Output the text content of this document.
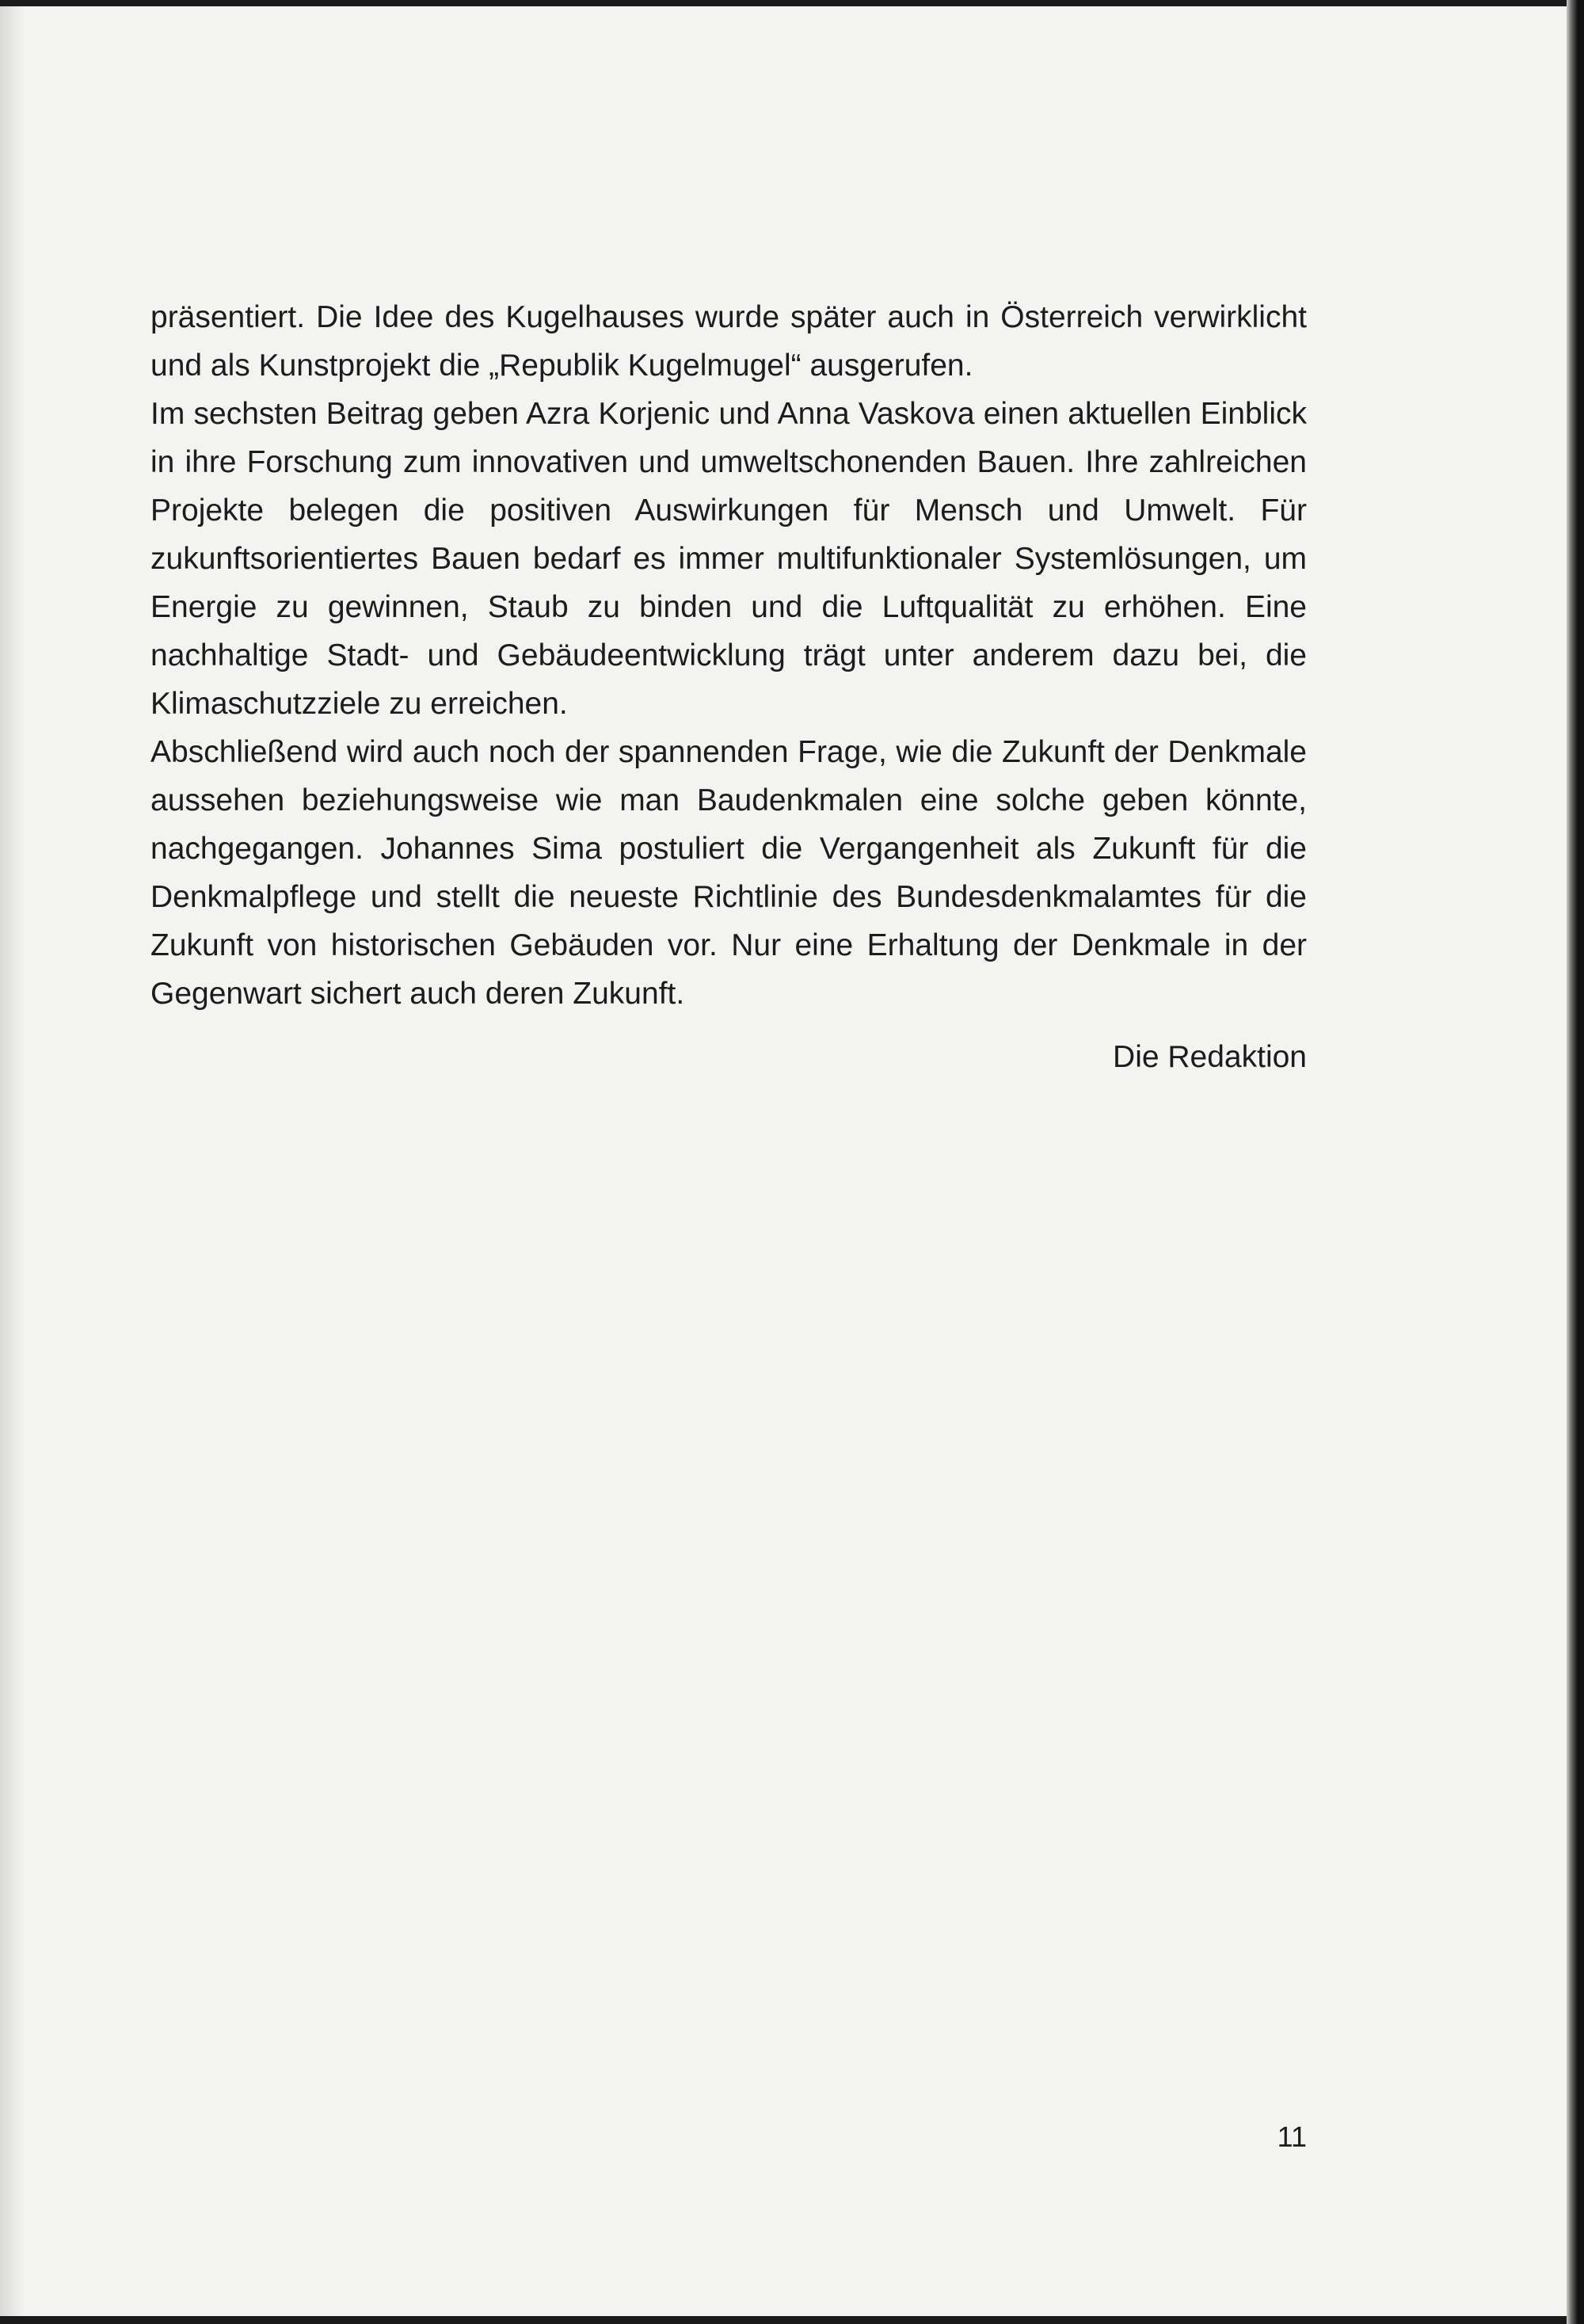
präsentiert. Die Idee des Kugelhauses wurde später auch in Österreich verwirklicht und als Kunstprojekt die „Republik Kugelmugel“ ausgerufen.

Im sechsten Beitrag geben Azra Korjenic und Anna Vaskova einen aktuellen Einblick in ihre Forschung zum innovativen und umweltschonenden Bauen. Ihre zahlreichen Projekte belegen die positiven Auswirkungen für Mensch und Umwelt. Für zukunftsorientiertes Bauen bedarf es immer multifunktionaler Systemlösungen, um Energie zu gewinnen, Staub zu binden und die Luftqualität zu erhöhen. Eine nachhaltige Stadt- und Gebäudeentwicklung trägt unter anderem dazu bei, die Klimaschutzziele zu erreichen.

Abschließend wird auch noch der spannenden Frage, wie die Zukunft der Denkmale aussehen beziehungsweise wie man Baudenkmalen eine solche geben könnte, nachgegangen. Johannes Sima postuliert die Vergangenheit als Zukunft für die Denkmalpflege und stellt die neueste Richtlinie des Bundesdenkmalamtes für die Zukunft von historischen Gebäuden vor. Nur eine Erhaltung der Denkmale in der Gegenwart sichert auch deren Zukunft.

Die Redaktion

11
